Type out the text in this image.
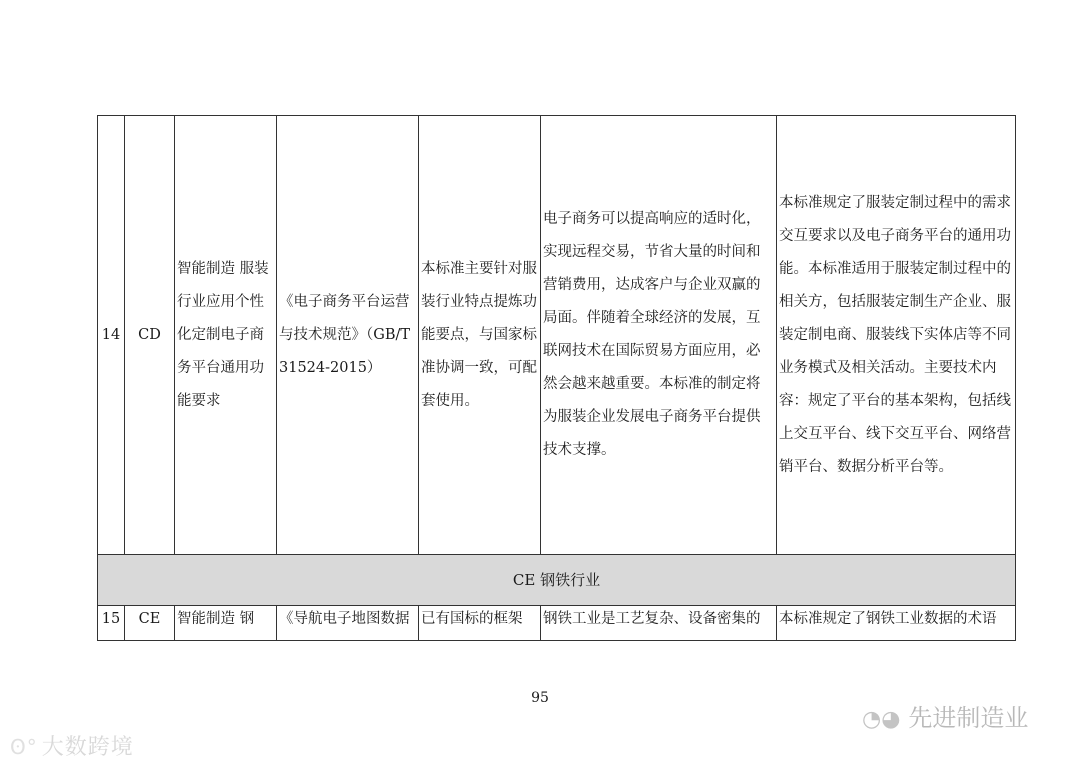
14	CD	智能制造 服装行业应用个性化定制电子商务平台通用功能要求	《电子商务平台运营与技术规范》（GB/T 31524-2015）	本标准主要针对服装行业特点提炼功能要点，与国家标准协调一致，可配套使用。	电子商务可以提高响应的适时化，实现远程交易，节省大量的时间和营销费用，达成客户与企业双赢的局面。伴随着全球经济的发展，互联网技术在国际贸易方面应用，必然会越来越重要。本标准的制定将为服装企业发展电子商务平台提供技术支撑。	本标准规定了服装定制过程中的需求交互要求以及电子商务平台的通用功能。本标准适用于服装定制过程中的相关方，包括服装定制生产企业、服装定制电商、服装线下实体店等不同业务模式及相关活动。主要技术内容：规定了平台的基本架构，包括线上交互平台、线下交互平台、网络营销平台、数据分析平台等。
CE 钢铁行业						
15	CE	智能制造 钢	《导航电子地图数据	已有国标的框架	钢铁工业是工艺复杂、设备密集的	本标准规定了钢铁工业数据的术语
95
ʘ° 大数跨境
◔◕ 先进制造业
